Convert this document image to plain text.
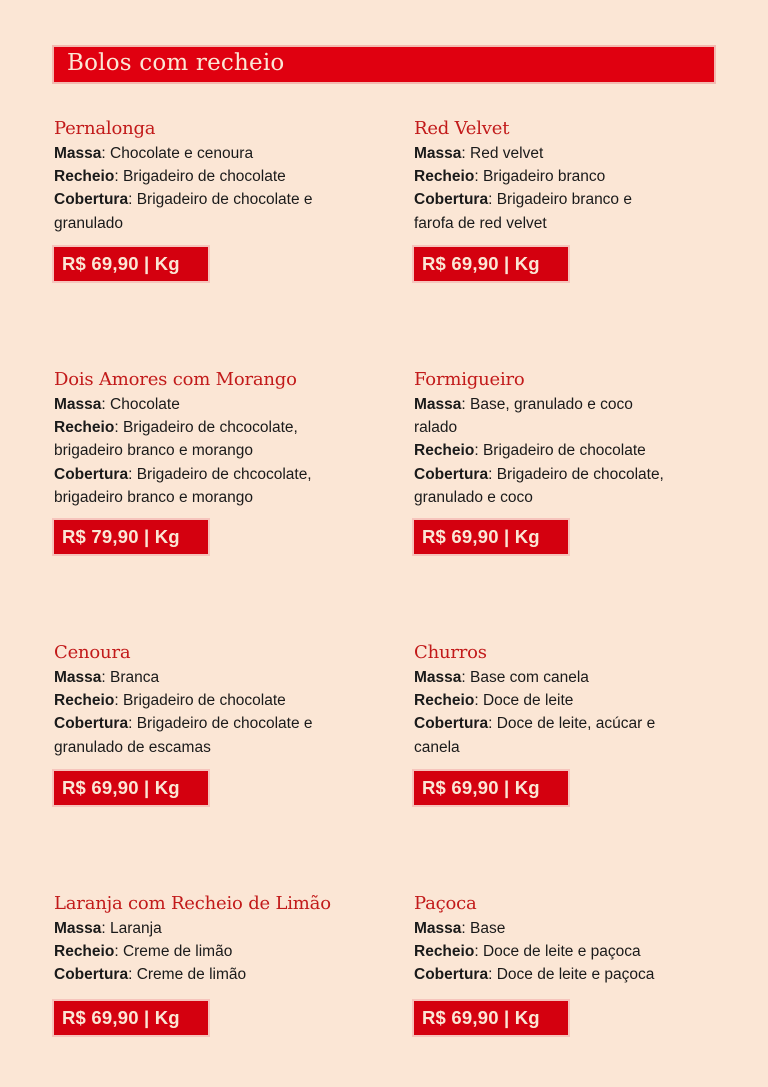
Bolos com recheio
Pernalonga
Massa: Chocolate e cenoura
Recheio: Brigadeiro de chocolate
Cobertura: Brigadeiro de chocolate e granulado
R$ 69,90 | Kg
Red Velvet
Massa: Red velvet
Recheio: Brigadeiro branco
Cobertura: Brigadeiro branco e farofa de red velvet
R$ 69,90 | Kg
Dois Amores com Morango
Massa: Chocolate
Recheio: Brigadeiro de chcocolate, brigadeiro branco e morango
Cobertura: Brigadeiro de chcocolate, brigadeiro branco e morango
R$ 79,90 | Kg
Formigueiro
Massa: Base, granulado e coco ralado
Recheio: Brigadeiro de chocolate
Cobertura: Brigadeiro de chocolate, granulado e coco
R$ 69,90 | Kg
Cenoura
Massa: Branca
Recheio: Brigadeiro de chocolate
Cobertura: Brigadeiro de chocolate e granulado de escamas
R$ 69,90 | Kg
Churros
Massa: Base com canela
Recheio: Doce de leite
Cobertura: Doce de leite, acúcar e canela
R$ 69,90 | Kg
Laranja com Recheio de Limão
Massa: Laranja
Recheio: Creme de limão
Cobertura: Creme de limão
R$ 69,90 | Kg
Paçoca
Massa: Base
Recheio: Doce de leite e paçoca
Cobertura: Doce de leite e paçoca
R$ 69,90 | Kg
